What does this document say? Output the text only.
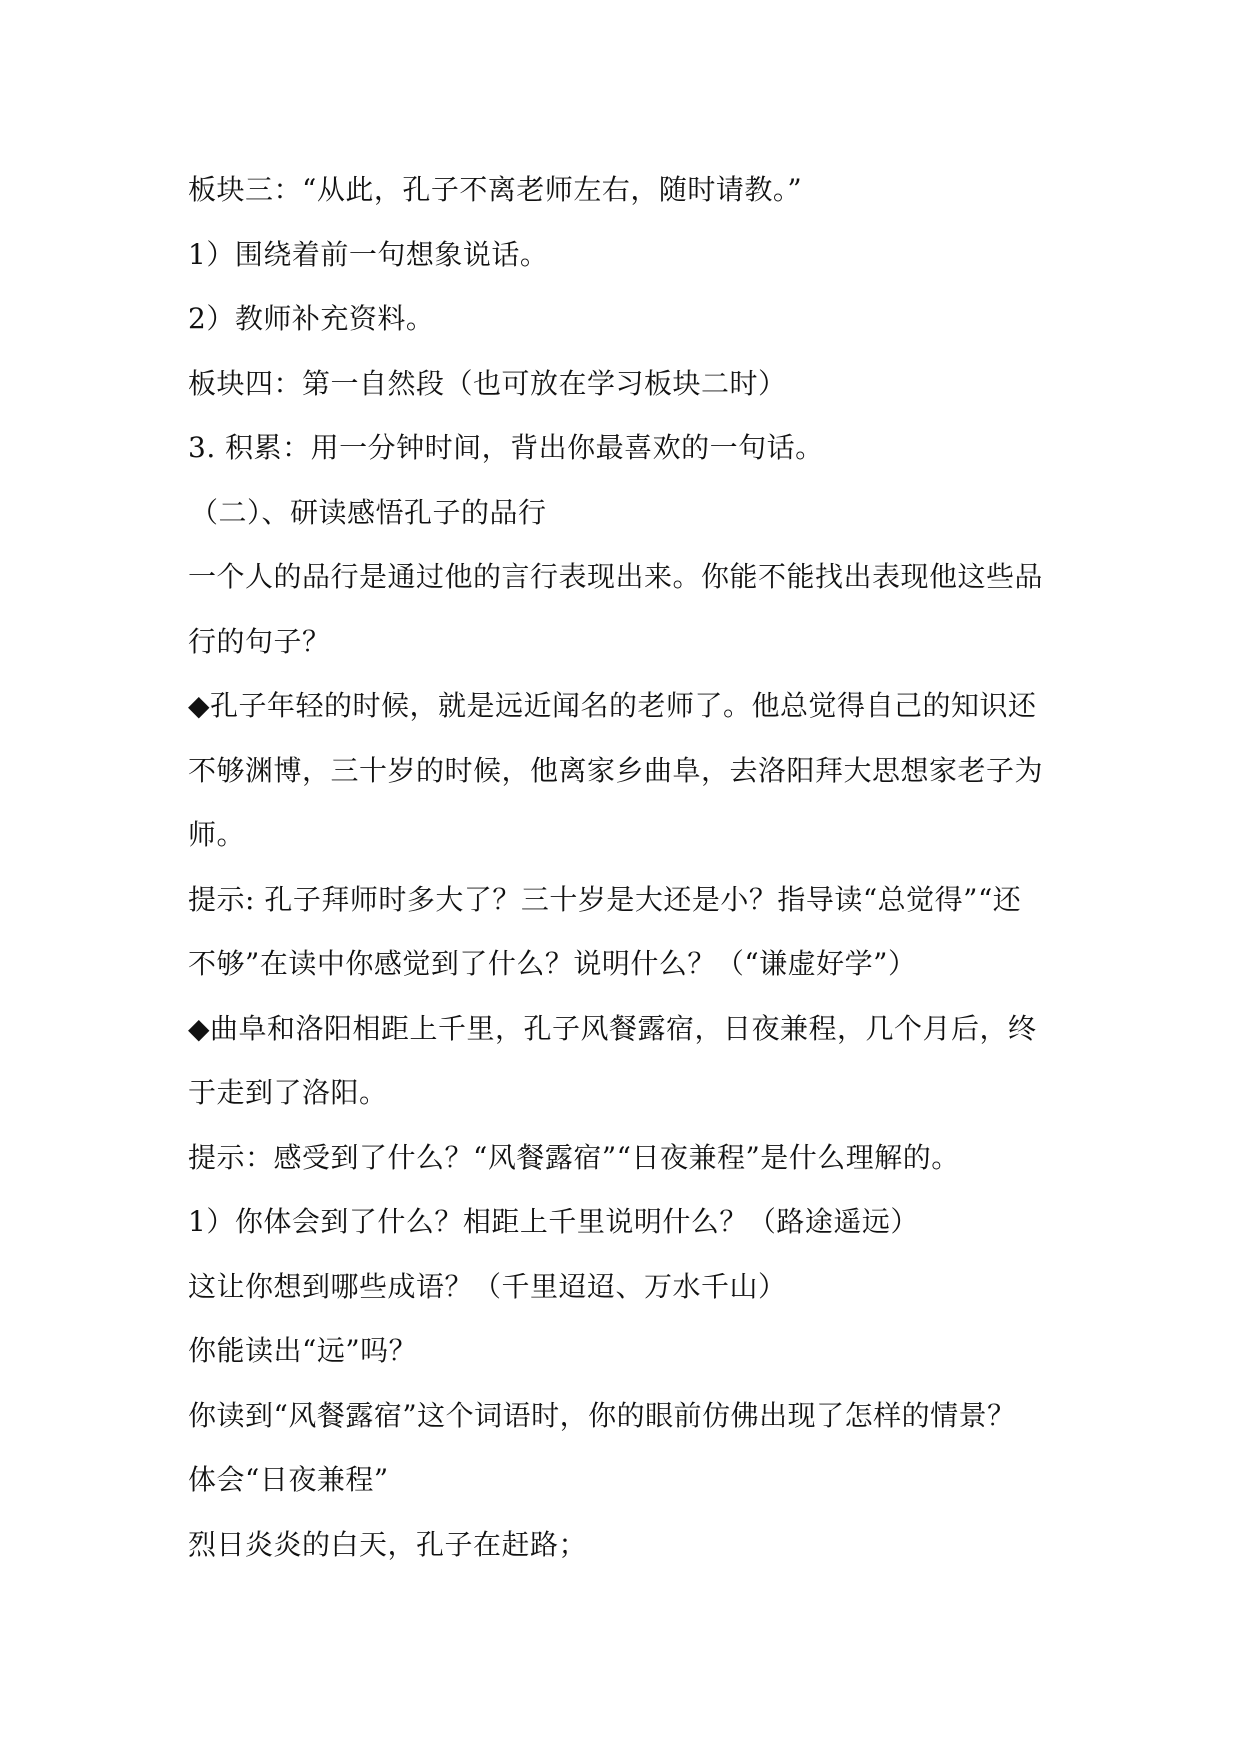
板块三：“从此，孔子不离老师左右，随时请教。”
1）围绕着前一句想象说话。
2）教师补充资料。
板块四：第一自然段（也可放在学习板块二时）
3. 积累：用一分钟时间，背出你最喜欢的一句话。
（二）、研读感悟孔子的品行
一个人的品行是通过他的言行表现出来。你能不能找出表现他这些品
行的句子？
◆孔子年轻的时候，就是远近闻名的老师了。他总觉得自己的知识还
不够渊博，三十岁的时候，他离家乡曲阜，去洛阳拜大思想家老子为
师。
提示: 孔子拜师时多大了？三十岁是大还是小？指导读“总觉得”“还
不够”在读中你感觉到了什么？说明什么？（“谦虚好学”）
◆曲阜和洛阳相距上千里，孔子风餐露宿，日夜兼程，几个月后，终
于走到了洛阳。
提示：感受到了什么？“风餐露宿”“日夜兼程”是什么理解的。
1）你体会到了什么？相距上千里说明什么？（路途遥远）
这让你想到哪些成语？（千里迢迢、万水千山）
你能读出“远”吗？
你读到“风餐露宿”这个词语时，你的眼前仿佛出现了怎样的情景？
体会“日夜兼程”
烈日炎炎的白天，孔子在赶路；
